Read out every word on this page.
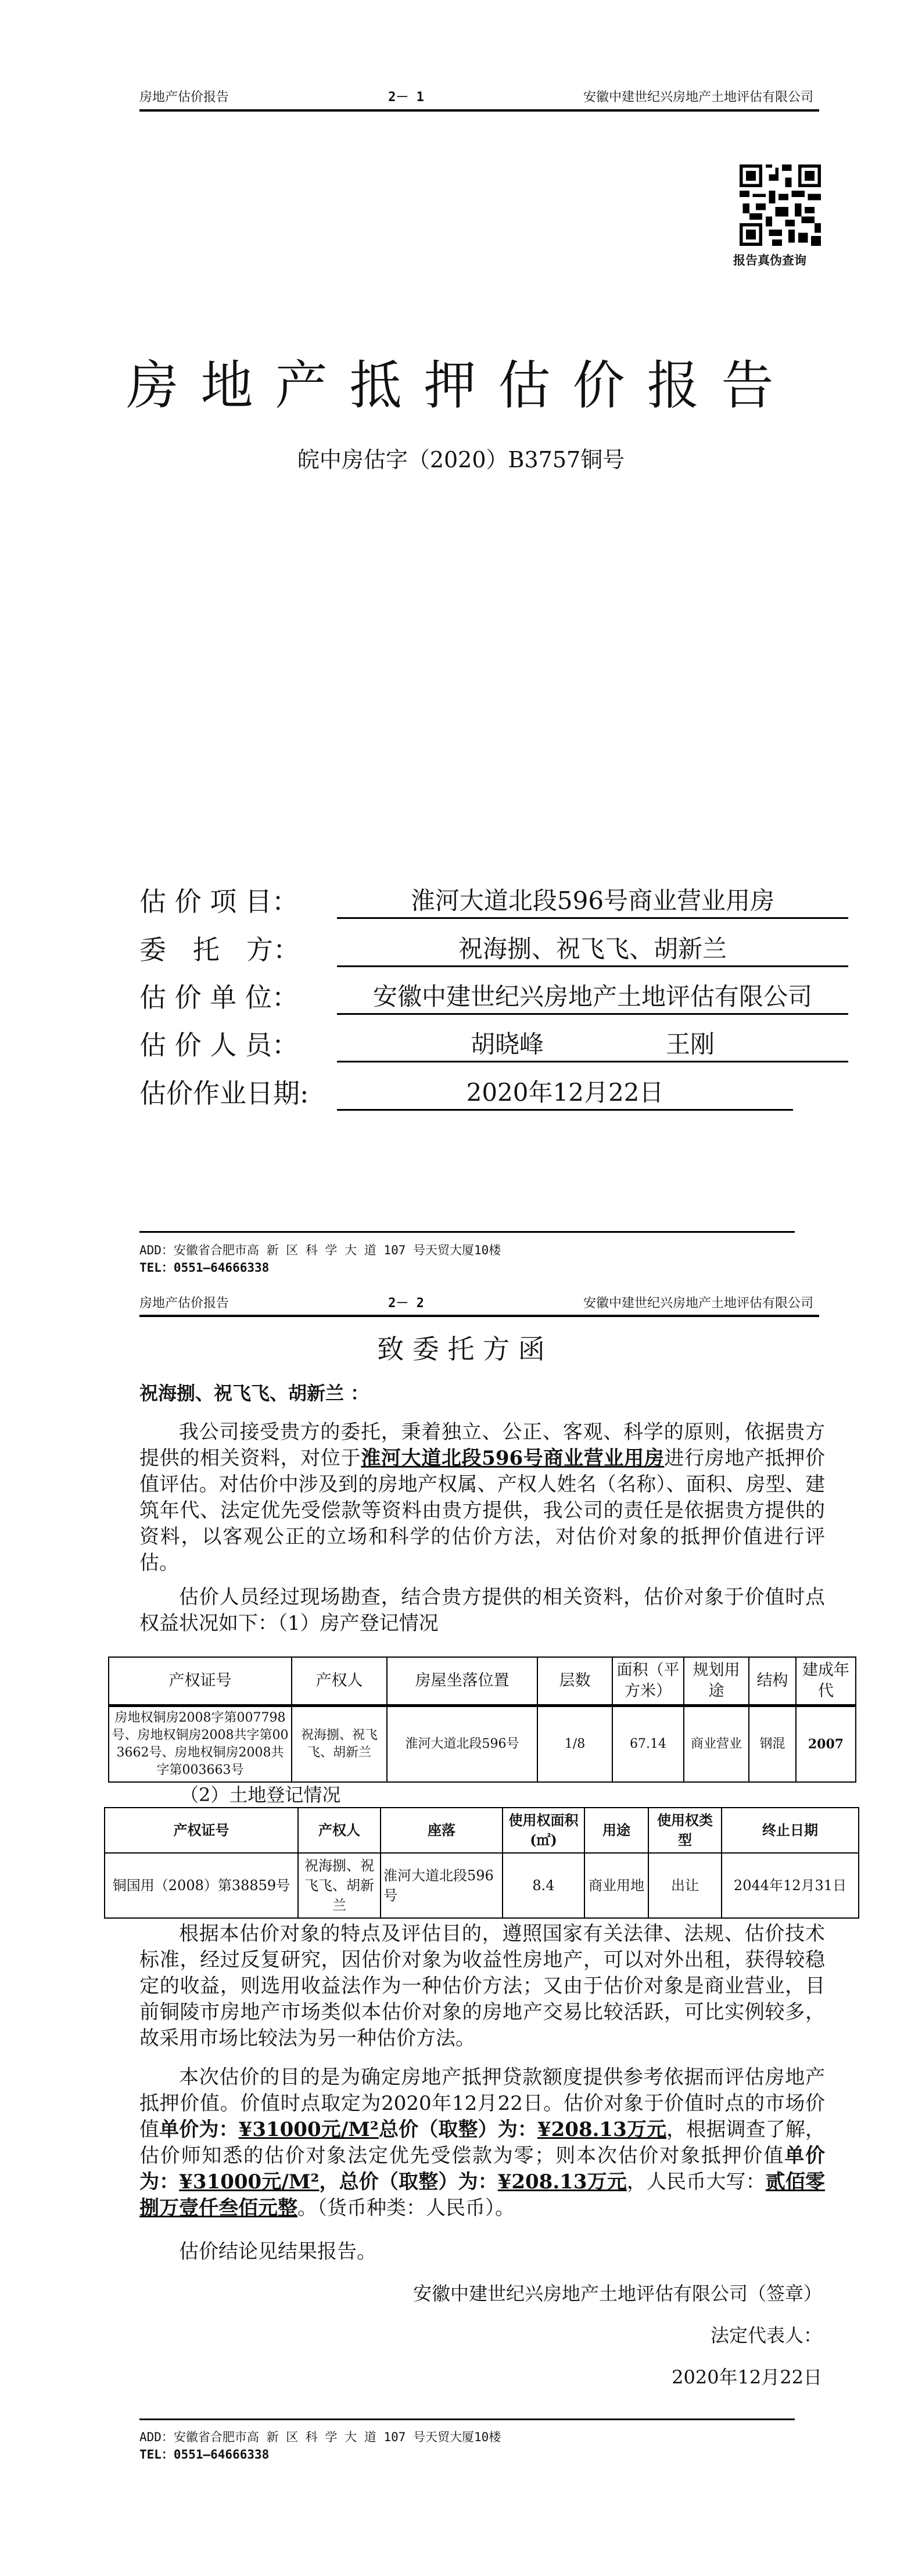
房地产估价报告	2－ 1	安徽中建世纪兴房地产土地评估有限公司
报告真伪查询
房地产抵押估价报告
皖中房估字（2020）B3757铜号
估 价 项 目：	淮河大道北段596号商业营业用房
委　托　方：	祝海捌、祝飞飞、胡新兰
估 价 单 位：	安徽中建世纪兴房地产土地评估有限公司
估 价 人 员：	胡晓峰　　　　　王刚
估价作业日期:	2020年12月22日
ADD：安徽省合肥市高 新 区 科 学 大 道 107 号天贸大厦10楼
TEL：0551—64666338
房地产估价报告	2－ 2	安徽中建世纪兴房地产土地评估有限公司
致 委 托 方 函
祝海捌、祝飞飞、胡新兰 ：
我公司接受贵方的委托，秉着独立、公正、客观、科学的原则，依据贵方提供的相关资料，对位于淮河大道北段596号商业营业用房进行房地产抵押价值评估。对估价中涉及到的房地产权属、产权人姓名（名称）、面积、房型、建筑年代、法定优先受偿款等资料由贵方提供，我公司的责任是依据贵方提供的资料，以客观公正的立场和科学的估价方法，对估价对象的抵押价值进行评估。
估价人员经过现场勘查，结合贵方提供的相关资料，估价对象于价值时点权益状况如下：（1）房产登记情况
产权证号	产权人	房屋坐落位置	层数	面积（平方米）	规划用途	结构	建成年代
房地权铜房2008字第007798号、房地权铜房2008共字第003662号、房地权铜房2008共字第003663号	祝海捌、祝飞飞、胡新兰	淮河大道北段596号	1/8	67.14	商业营业	钢混	2007
（2）土地登记情况
产权证号	产权人	座落	使用权面积(㎡)	用途	使用权类型	终止日期
铜国用（2008）第38859号	祝海捌、祝飞飞、胡新兰	淮河大道北段596号	8.4	商业用地	出让	2044年12月31日
根据本估价对象的特点及评估目的，遵照国家有关法律、法规、估价技术标准，经过反复研究，因估价对象为收益性房地产，可以对外出租，获得较稳定的收益，则选用收益法作为一种估价方法；又由于估价对象是商业营业，目前铜陵市房地产市场类似本估价对象的房地产交易比较活跃，可比实例较多，故采用市场比较法为另一种估价方法。
本次估价的目的是为确定房地产抵押贷款额度提供参考依据而评估房地产抵押价值。价值时点取定为2020年12月22日。估价对象于价值时点的市场价值单价为：¥31000元/M²总价（取整）为：¥208.13万元，根据调查了解，估价师知悉的估价对象法定优先受偿款为零；则本次估价对象抵押价值单价为：¥31000元/M²，总价（取整）为：¥208.13万元，人民币大写：贰佰零捌万壹仟叁佰元整。（货币种类：人民币）。
估价结论见结果报告。
安徽中建世纪兴房地产土地评估有限公司（签章）
法定代表人：
2020年12月22日
ADD：安徽省合肥市高 新 区 科 学 大 道 107 号天贸大厦10楼
TEL：0551—64666338
